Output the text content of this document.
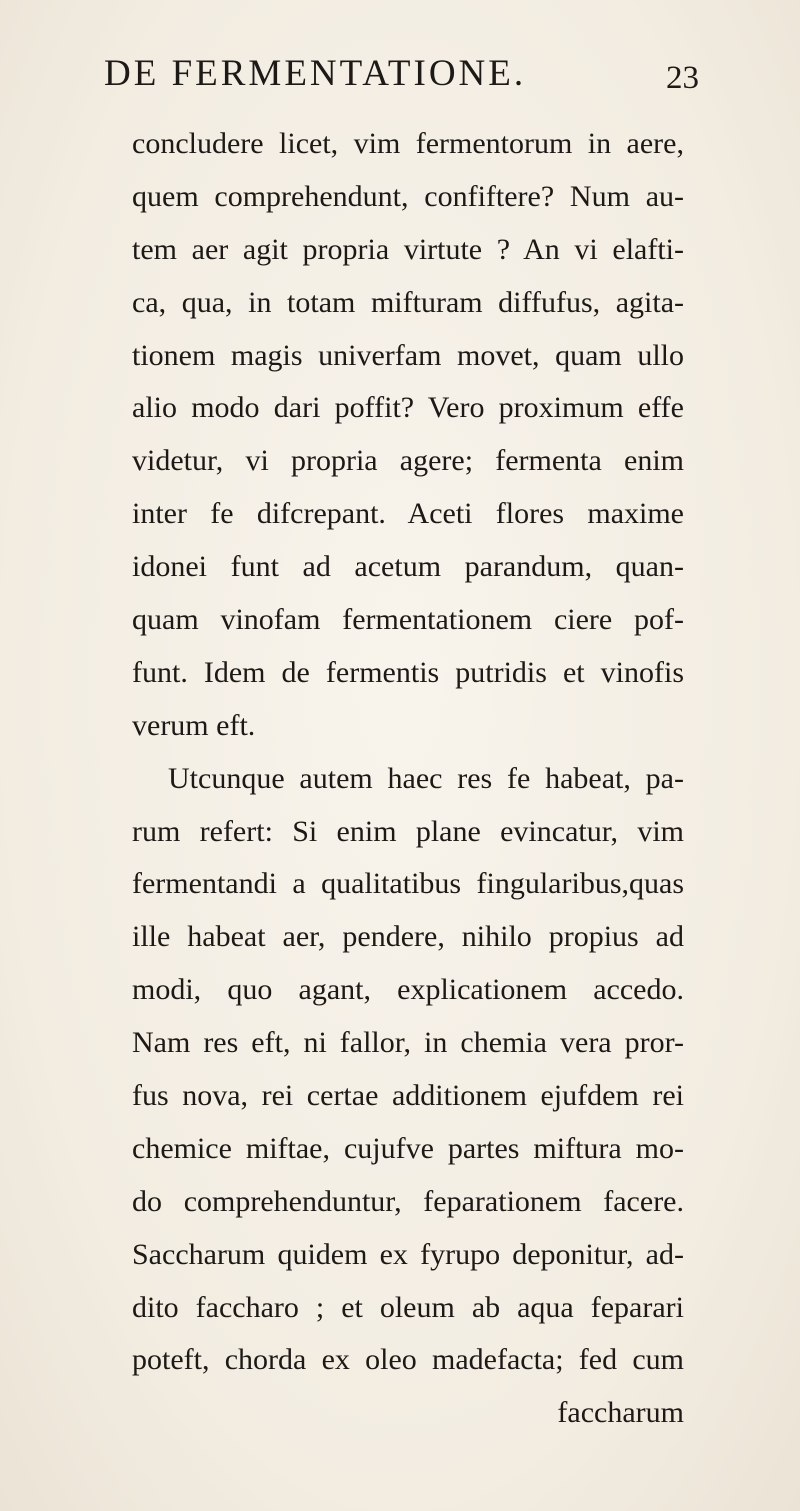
DE FERMENTATIONE.	23
concludere licet, vim fermentorum in aere,
quem comprehendunt, confiftere? Num au-
tem aer agit propria virtute ? An vi elafti-
ca, qua, in totam mifturam diffufus, agita-
tionem magis univerfam movet, quam ullo
alio modo dari poffit? Vero proximum effe
videtur, vi propria agere; fermenta enim
inter fe difcrepant. Aceti flores maxime
idonei funt ad acetum parandum, quan-
quam vinofam fermentationem ciere pof-
funt. Idem de fermentis putridis et vinofis
verum eft.
Utcunque autem haec res fe habeat, pa-
rum refert: Si enim plane evincatur, vim
fermentandi a qualitatibus fingularibus,quas
ille habeat aer, pendere, nihilo propius ad
modi, quo agant, explicationem accedo.
Nam res eft, ni fallor, in chemia vera pror-
fus nova, rei certae additionem ejufdem rei
chemice miftae, cujufve partes miftura mo-
do comprehenduntur, feparationem facere.
Saccharum quidem ex fyrupo deponitur, ad-
dito faccharo ; et oleum ab aqua feparari
poteft, chorda ex oleo madefacta; fed cum
faccharum
